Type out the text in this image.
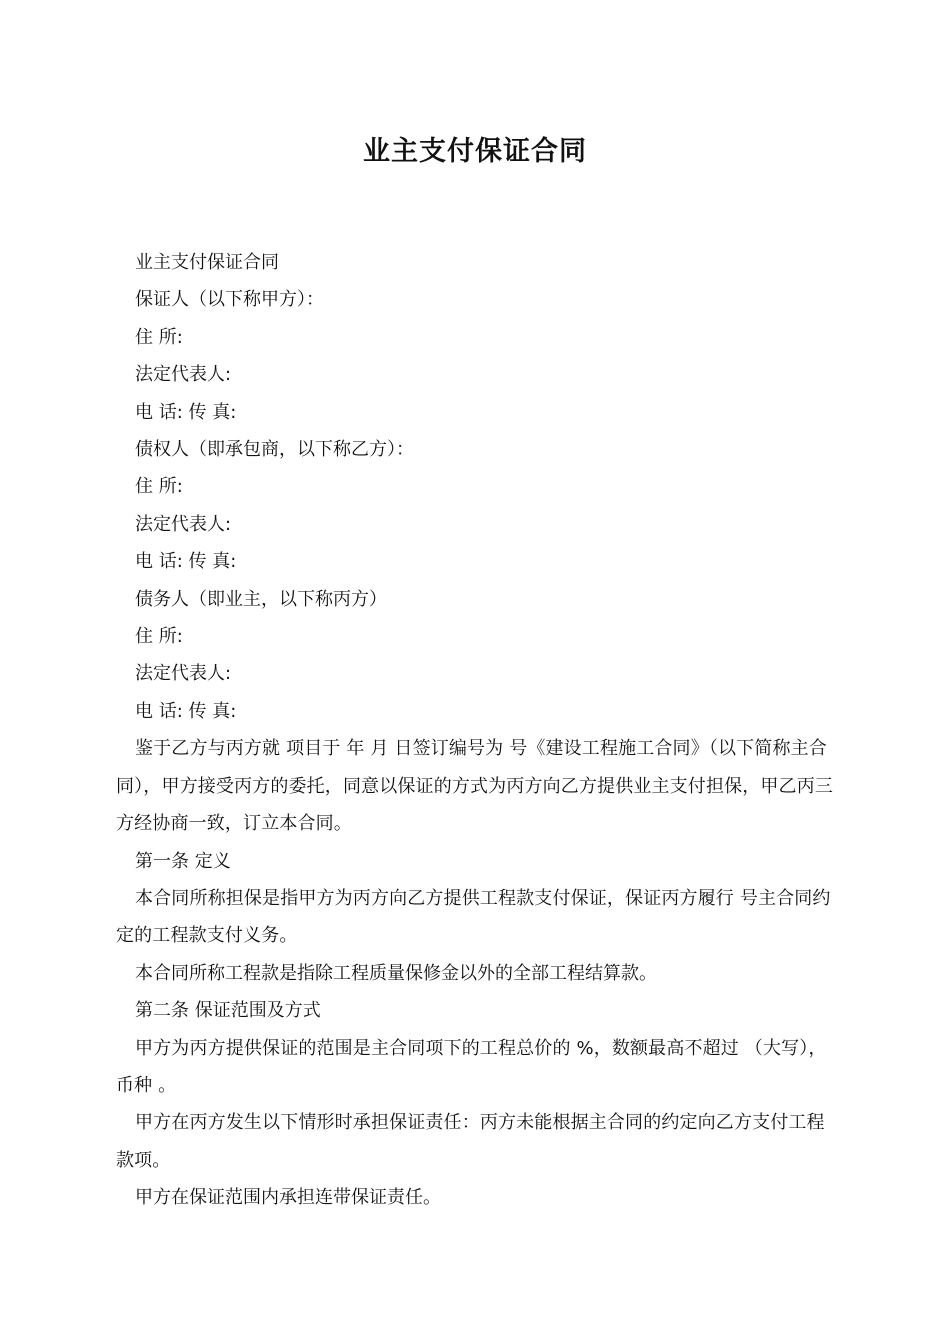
业主支付保证合同

业主支付保证合同

保证人（以下称甲方）：

住 所:

法定代表人:

电 话: 传 真:

债权人（即承包商，以下称乙方）：

住 所:

法定代表人:

电 话: 传 真:

债务人（即业主，以下称丙方）

住 所:

法定代表人:

电 话: 传 真:

鉴于乙方与丙方就 项目于 年 月 日签订编号为 号《建设工程施工合同》（以下简称主合同），甲方接受丙方的委托，同意以保证的方式为丙方向乙方提供业主支付担保，甲乙丙三方经协商一致，订立本合同。

第一条 定义

本合同所称担保是指甲方为丙方向乙方提供工程款支付保证，保证丙方履行 号主合同约定的工程款支付义务。

本合同所称工程款是指除工程质量保修金以外的全部工程结算款。

第二条 保证范围及方式

甲方为丙方提供保证的范围是主合同项下的工程总价的 %，数额最高不超过 （大写），币种 。

甲方在丙方发生以下情形时承担保证责任：丙方未能根据主合同的约定向乙方支付工程款项。

甲方在保证范围内承担连带保证责任。
